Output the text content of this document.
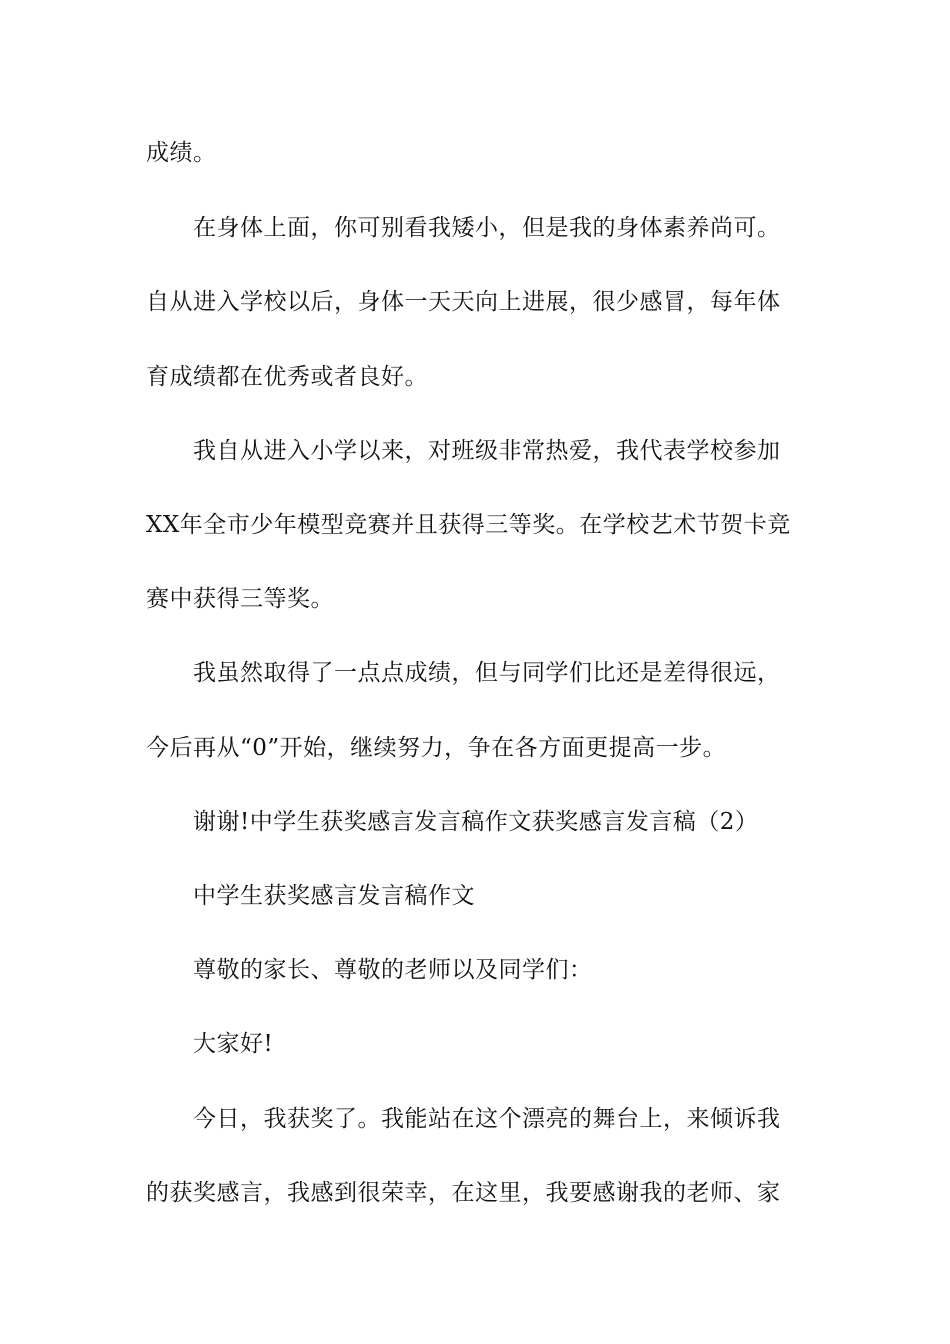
成绩。
在身体上面，你可别看我矮小，但是我的身体素养尚可。
自从进入学校以后，身体一天天向上进展，很少感冒，每年体
育成绩都在优秀或者良好。
我自从进入小学以来，对班级非常热爱，我代表学校参加
XX年全市少年模型竞赛并且获得三等奖。在学校艺术节贺卡竞
赛中获得三等奖。
我虽然取得了一点点成绩，但与同学们比还是差得很远，
今后再从“0”开始，继续努力，争在各方面更提高一步。
谢谢!中学生获奖感言发言稿作文获奖感言发言稿（2）
中学生获奖感言发言稿作文
尊敬的家长、尊敬的老师以及同学们：
大家好!
今日，我获奖了。我能站在这个漂亮的舞台上，来倾诉我
的获奖感言，我感到很荣幸，在这里，我要感谢我的老师、家
